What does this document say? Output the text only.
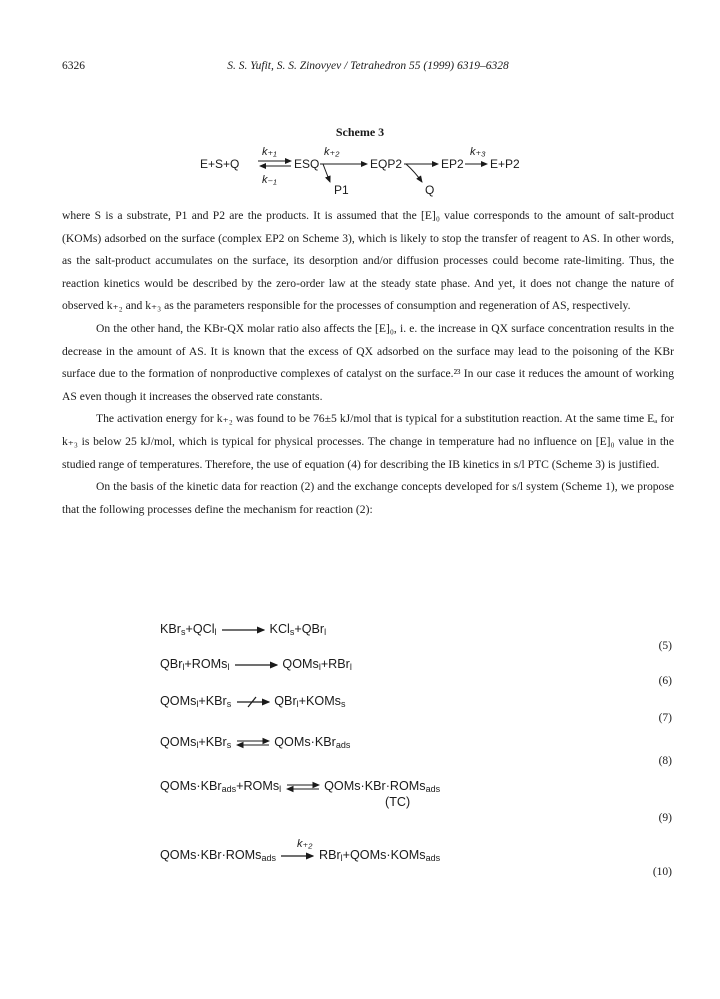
6326	S. S. Yufit, S. S. Zinovyev / Tetrahedron 55 (1999) 6319–6328
Scheme 3
E+S+Q
k₊₁
k₋₁
ESQ
k₊₂
EQP2	EP2
k₊₃
E+P2
P1	Q

where S is a substrate, P1 and P2 are the products. It is assumed that the [E]₀ value corresponds to the amount of salt-product (KOMs) adsorbed on the surface (complex EP2 on Scheme 3), which is likely to stop the transfer of reagent to AS. In other words, as the salt-product accumulates on the surface, its desorption and/or diffusion processes could become rate-limiting. Thus, the reaction kinetics would be described by the zero-order law at the steady state phase. And yet, it does not change the nature of observed k₊₂ and k₊₃ as the parameters responsible for the processes of consumption and regeneration of AS, respectively.

On the other hand, the KBr-QX molar ratio also affects the [E]₀, i. e. the increase in QX surface concentration results in the decrease in the amount of AS. It is known that the excess of QX adsorbed on the surface may lead to the poisoning of the KBr surface due to the formation of nonproductive complexes of catalyst on the surface.²³ In our case it reduces the amount of working AS even though it increases the observed rate constants.

The activation energy for k₊₂ was found to be 76±5 kJ/mol that is typical for a substitution reaction. At the same time Eₐ for k₊₃ is below 25 kJ/mol, which is typical for physical processes. The change in temperature had no influence on [E]₀ value in the studied range of temperatures. Therefore, the use of equation (4) for describing the IB kinetics in s/l PTC (Scheme 3) is justified.

On the basis of the kinetic data for reaction (2) and the exchange concepts developed for s/l system (Scheme 1), we propose that the following processes define the mechanism for reaction (2):

KBr$_s$+QCl$_l$ → KCl$_s$+QBr$_l$
(5)
QBr$_l$+ROMs$_l$ → QOMs$_l$+RBr$_l$
(6)
QOMs$_l$+KBr$_s$	QBr$_l$+KOMs$_s$
(7)
QOMs$_l$+KBr$_s$	QOMs·KBr$_{ads}$
(8)
QOMs·KBr$_{ads}$+ROMs$_l$	QOMs·KBr·ROMs$_{ads}$
(TC)
(9)
k₊₂
QOMs·KBr·ROMs$_{ads}$ → RBr$_l$+QOMs·KOMs$_{ads}$
(10)
